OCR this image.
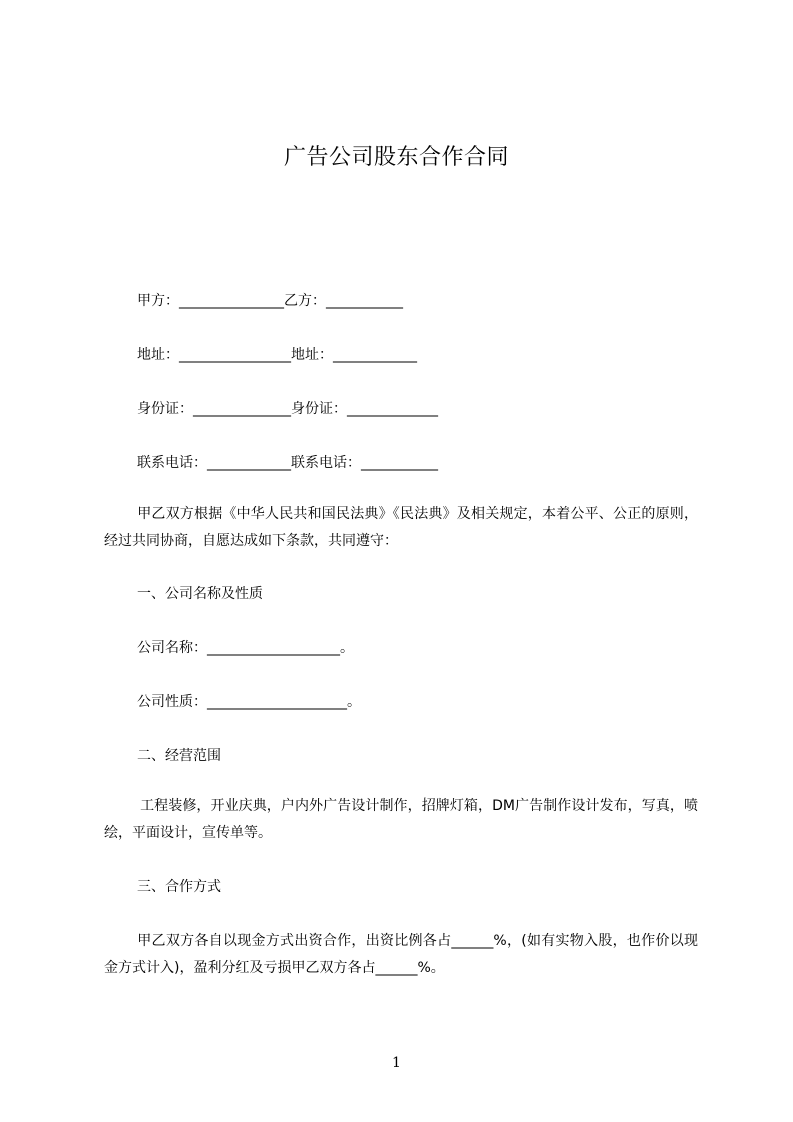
广告公司股东合作合同
甲方：_______________乙方：___________
地址：________________地址：____________
身份证：______________身份证：_____________
联系电话：____________联系电话：___________

甲乙双方根据《中华人民共和国民法典》《民法典》及相关规定，本着公平、公正的原则，经过共同协商，自愿达成如下条款，共同遵守：

一、公司名称及性质
公司名称：___________________。
公司性质：____________________。
二、经营范围

工程装修，开业庆典，户内外广告设计制作，招牌灯箱，DM广告制作设计发布，写真，喷绘，平面设计，宣传单等。

三、合作方式

甲乙双方各自以现金方式出资合作，出资比例各占______%，(如有实物入股，也作价以现金方式计入)，盈利分红及亏损甲乙双方各占______%。

1
